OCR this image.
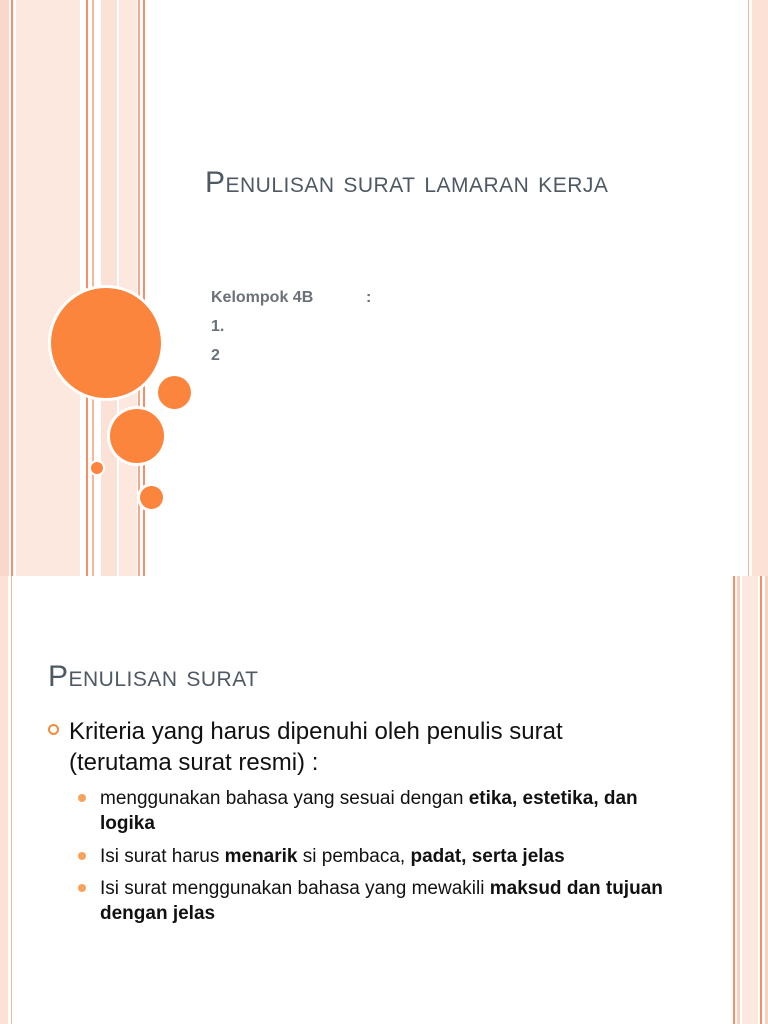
Penulisan surat lamaran kerja

Kelompok 4B	:

1.

2

Penulisan surat

Kriteria yang harus dipenuhi oleh penulis surat (terutama surat resmi) :

menggunakan bahasa yang sesuai dengan etika, estetika, dan logika

Isi surat harus menarik si pembaca, padat, serta jelas

Isi surat menggunakan bahasa yang mewakili maksud dan tujuan dengan jelas
